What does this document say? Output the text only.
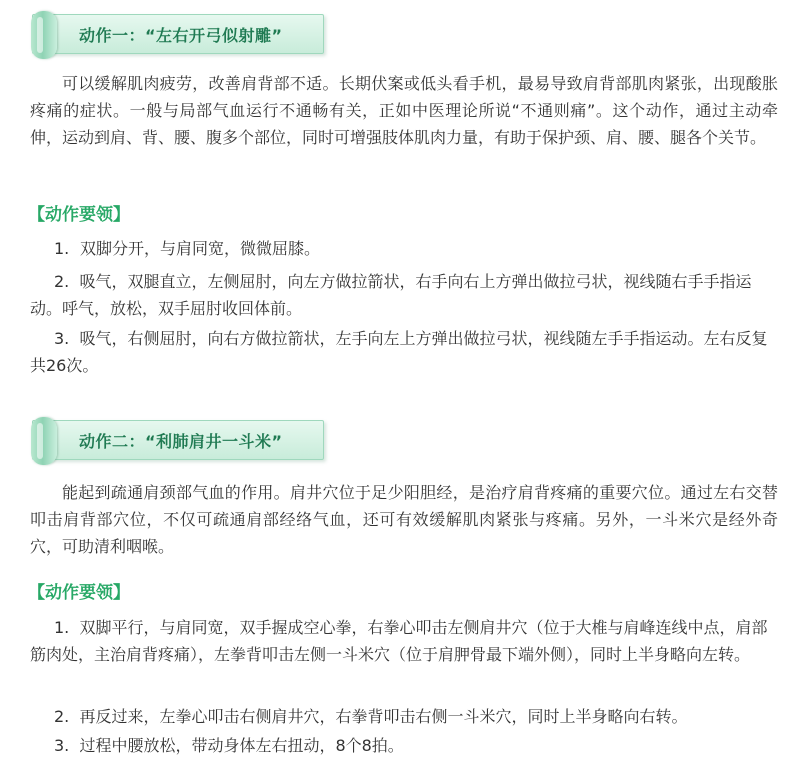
动作一：“左右开弓似射雕”
可以缓解肌肉疲劳，改善肩背部不适。长期伏案或低头看手机，最易导致肩背部肌肉紧张，出现酸胀疼痛的症状。一般与局部气血运行不通畅有关，正如中医理论所说“不通则痛”。这个动作，通过主动牵伸，运动到肩、背、腰、腹多个部位，同时可增强肢体肌肉力量，有助于保护颈、肩、腰、腿各个关节。
【动作要领】
1. 双脚分开，与肩同宽，微微屈膝。
2. 吸气，双腿直立，左侧屈肘，向左方做拉箭状，右手向右上方弹出做拉弓状，视线随右手手指运动。呼气，放松，双手屈肘收回体前。
3. 吸气，右侧屈肘，向右方做拉箭状，左手向左上方弹出做拉弓状，视线随左手手指运动。左右反复共26次。
动作二：“利肺肩井一斗米”
能起到疏通肩颈部气血的作用。肩井穴位于足少阳胆经，是治疗肩背疼痛的重要穴位。通过左右交替叩击肩背部穴位，不仅可疏通肩部经络气血，还可有效缓解肌肉紧张与疼痛。另外，一斗米穴是经外奇穴，可助清利咽喉。
【动作要领】
1. 双脚平行，与肩同宽，双手握成空心拳，右拳心叩击左侧肩井穴（位于大椎与肩峰连线中点，肩部筋肉处，主治肩背疼痛），左拳背叩击左侧一斗米穴（位于肩胛骨最下端外侧），同时上半身略向左转。
2. 再反过来，左拳心叩击右侧肩井穴，右拳背叩击右侧一斗米穴，同时上半身略向右转。
3. 过程中腰放松，带动身体左右扭动，8个8拍。
